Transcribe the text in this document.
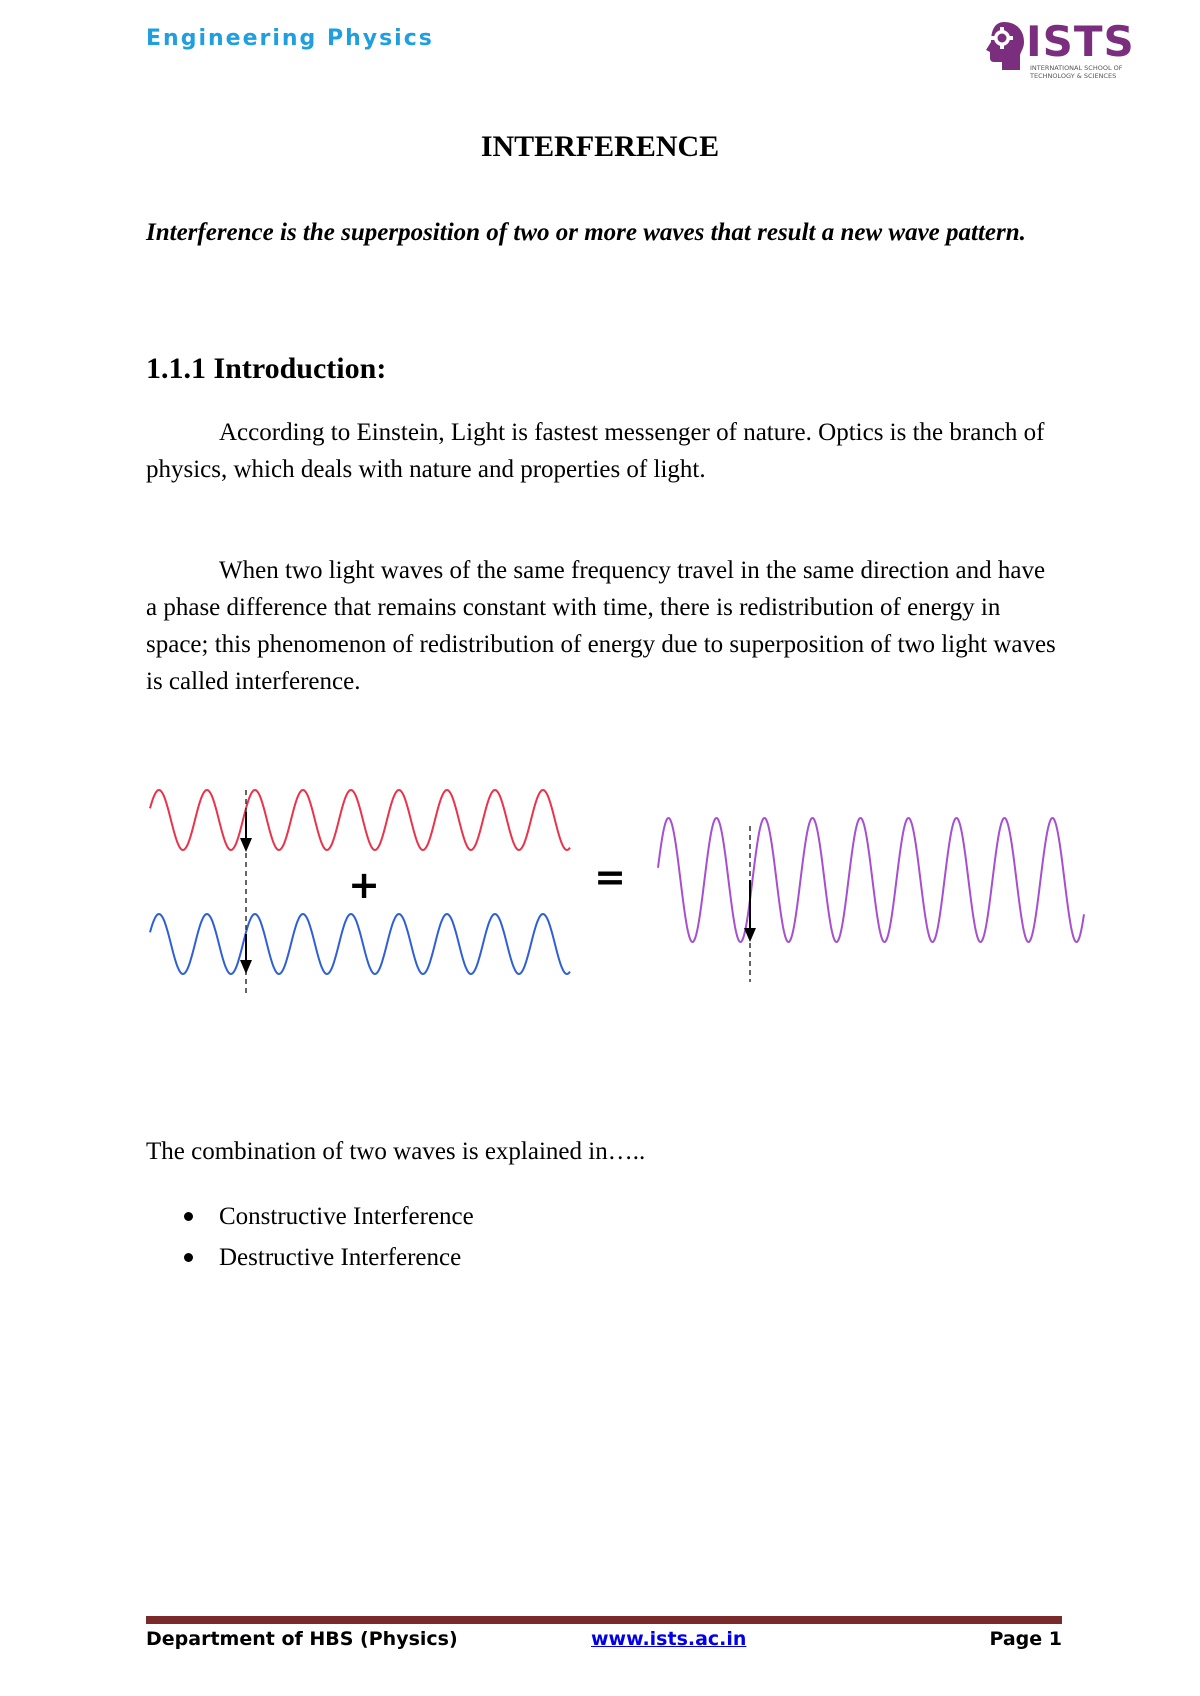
Engineering Physics	ISTS
INTERNATIONAL SCHOOL OF
TECHNOLOGY & SCIENCES
INTERFERENCE

Interference is the superposition of two or more waves that result a new wave pattern.

1.1.1 Introduction:

According to Einstein, Light is fastest messenger of nature. Optics is the branch of physics, which deals with nature and properties of light.

When two light waves of the same frequency travel in the same direction and have a phase difference that remains constant with time, there is redistribution of energy in space; this phenomenon of redistribution of energy due to superposition of two light waves is called interference.

+	=

The combination of two waves is explained in…..

Constructive Interference
Destructive Interference
Department of HBS (Physics)	www.ists.ac.in	Page 1
